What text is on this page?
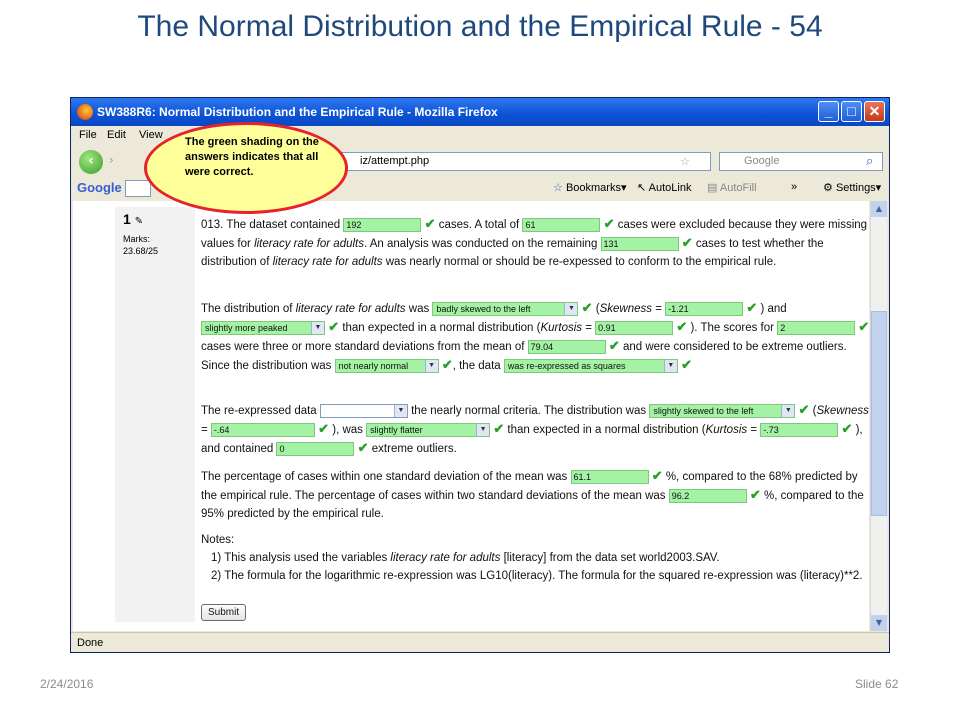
The Normal Distribution and the Empirical Rule - 54
SW388R6: Normal Distribution and the Empirical Rule - Mozilla Firefox	_	□ ✕
File Edit View
‹	›	iz/attempt.php	☆	Google	⌕
Google	☆ Bookmarks▾ ↖ AutoLink ▤ AutoFill	» ⚙ Settings▾
1 ✎
Marks:
23.68/25

013. The dataset contained 192	✔ cases. A total of 61	✔ cases were excluded because they were missing values for literacy rate for adults. An analysis was conducted on the remaining 131	✔ cases to test whether the distribution of literacy rate for adults was nearly normal or should be re-expessed to conform to the empirical rule.

The distribution of literacy rate for adults was badly skewed to the left	▼ ✔ (Skewness = -1.21	✔ ) and slightly more peaked	▼ ✔ than expected in a normal distribution (Kurtosis = 0.91	✔ ). The scores for 2	✔ cases were three or more standard deviations from the mean of 79.04	✔ and were considered to be extreme outliers. Since the distribution was not nearly normal	▼ ✔, the data was re-expressed as squares	▼ ✔

The re-expressed data	▼ the nearly normal criteria. The distribution was slightly skewed to the left	▼ ✔ (Skewness = -.64	✔ ), was slightly flatter	▼ ✔ than expected in a normal distribution (Kurtosis = -.73	✔ ), and contained 0	✔ extreme outliers.

The percentage of cases within one standard deviation of the mean was 61.1	✔ %, compared to the 68% predicted by the empirical rule. The percentage of cases within two standard deviations of the mean was 96.2	✔ %, compared to the 95% predicted by the empirical rule.

Notes:

1) This analysis used the variables literacy rate for adults [literacy] from the data set world2003.SAV.

2) The formula for the logarithmic re-expression was LG10(literacy). The formula for the squared re-expression was (literacy)**2.

Submit
▲
▼
Done
The green shading on the answers indicates that all were correct.
2/24/2016	Slide 62
